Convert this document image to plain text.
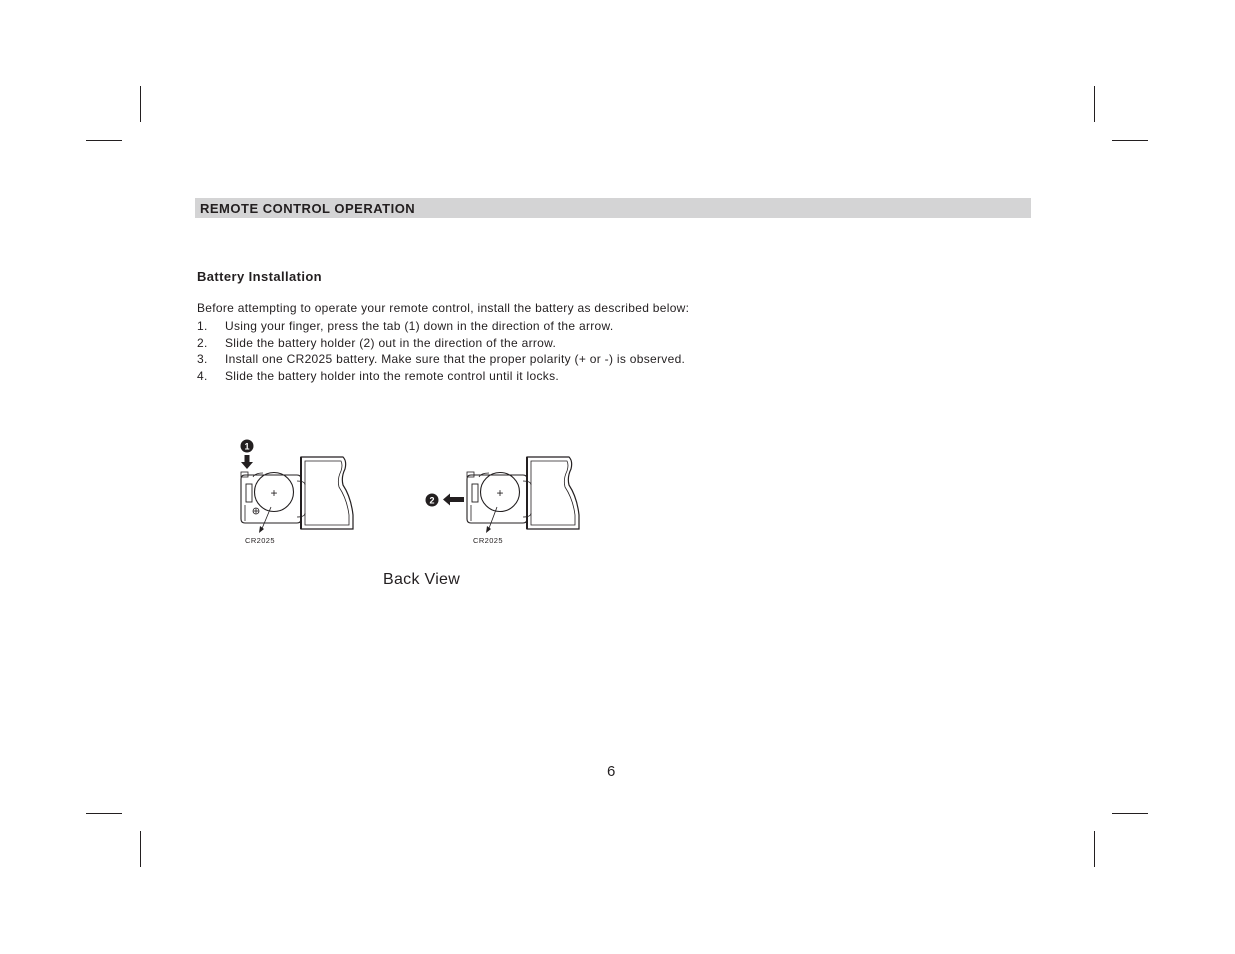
REMOTE CONTROL OPERATION
Battery Installation
Before attempting to operate your remote control, install the battery as described below:
1. Using your finger, press the tab (1) down in the direction of the arrow.
2. Slide the battery holder (2) out in the direction of the arrow.
3. Install one CR2025 battery. Make sure that the proper polarity (+ or -) is observed.
4. Slide the battery holder into the remote control until it locks.
1
+
CR2025
2
+
CR2025
Back View
6
